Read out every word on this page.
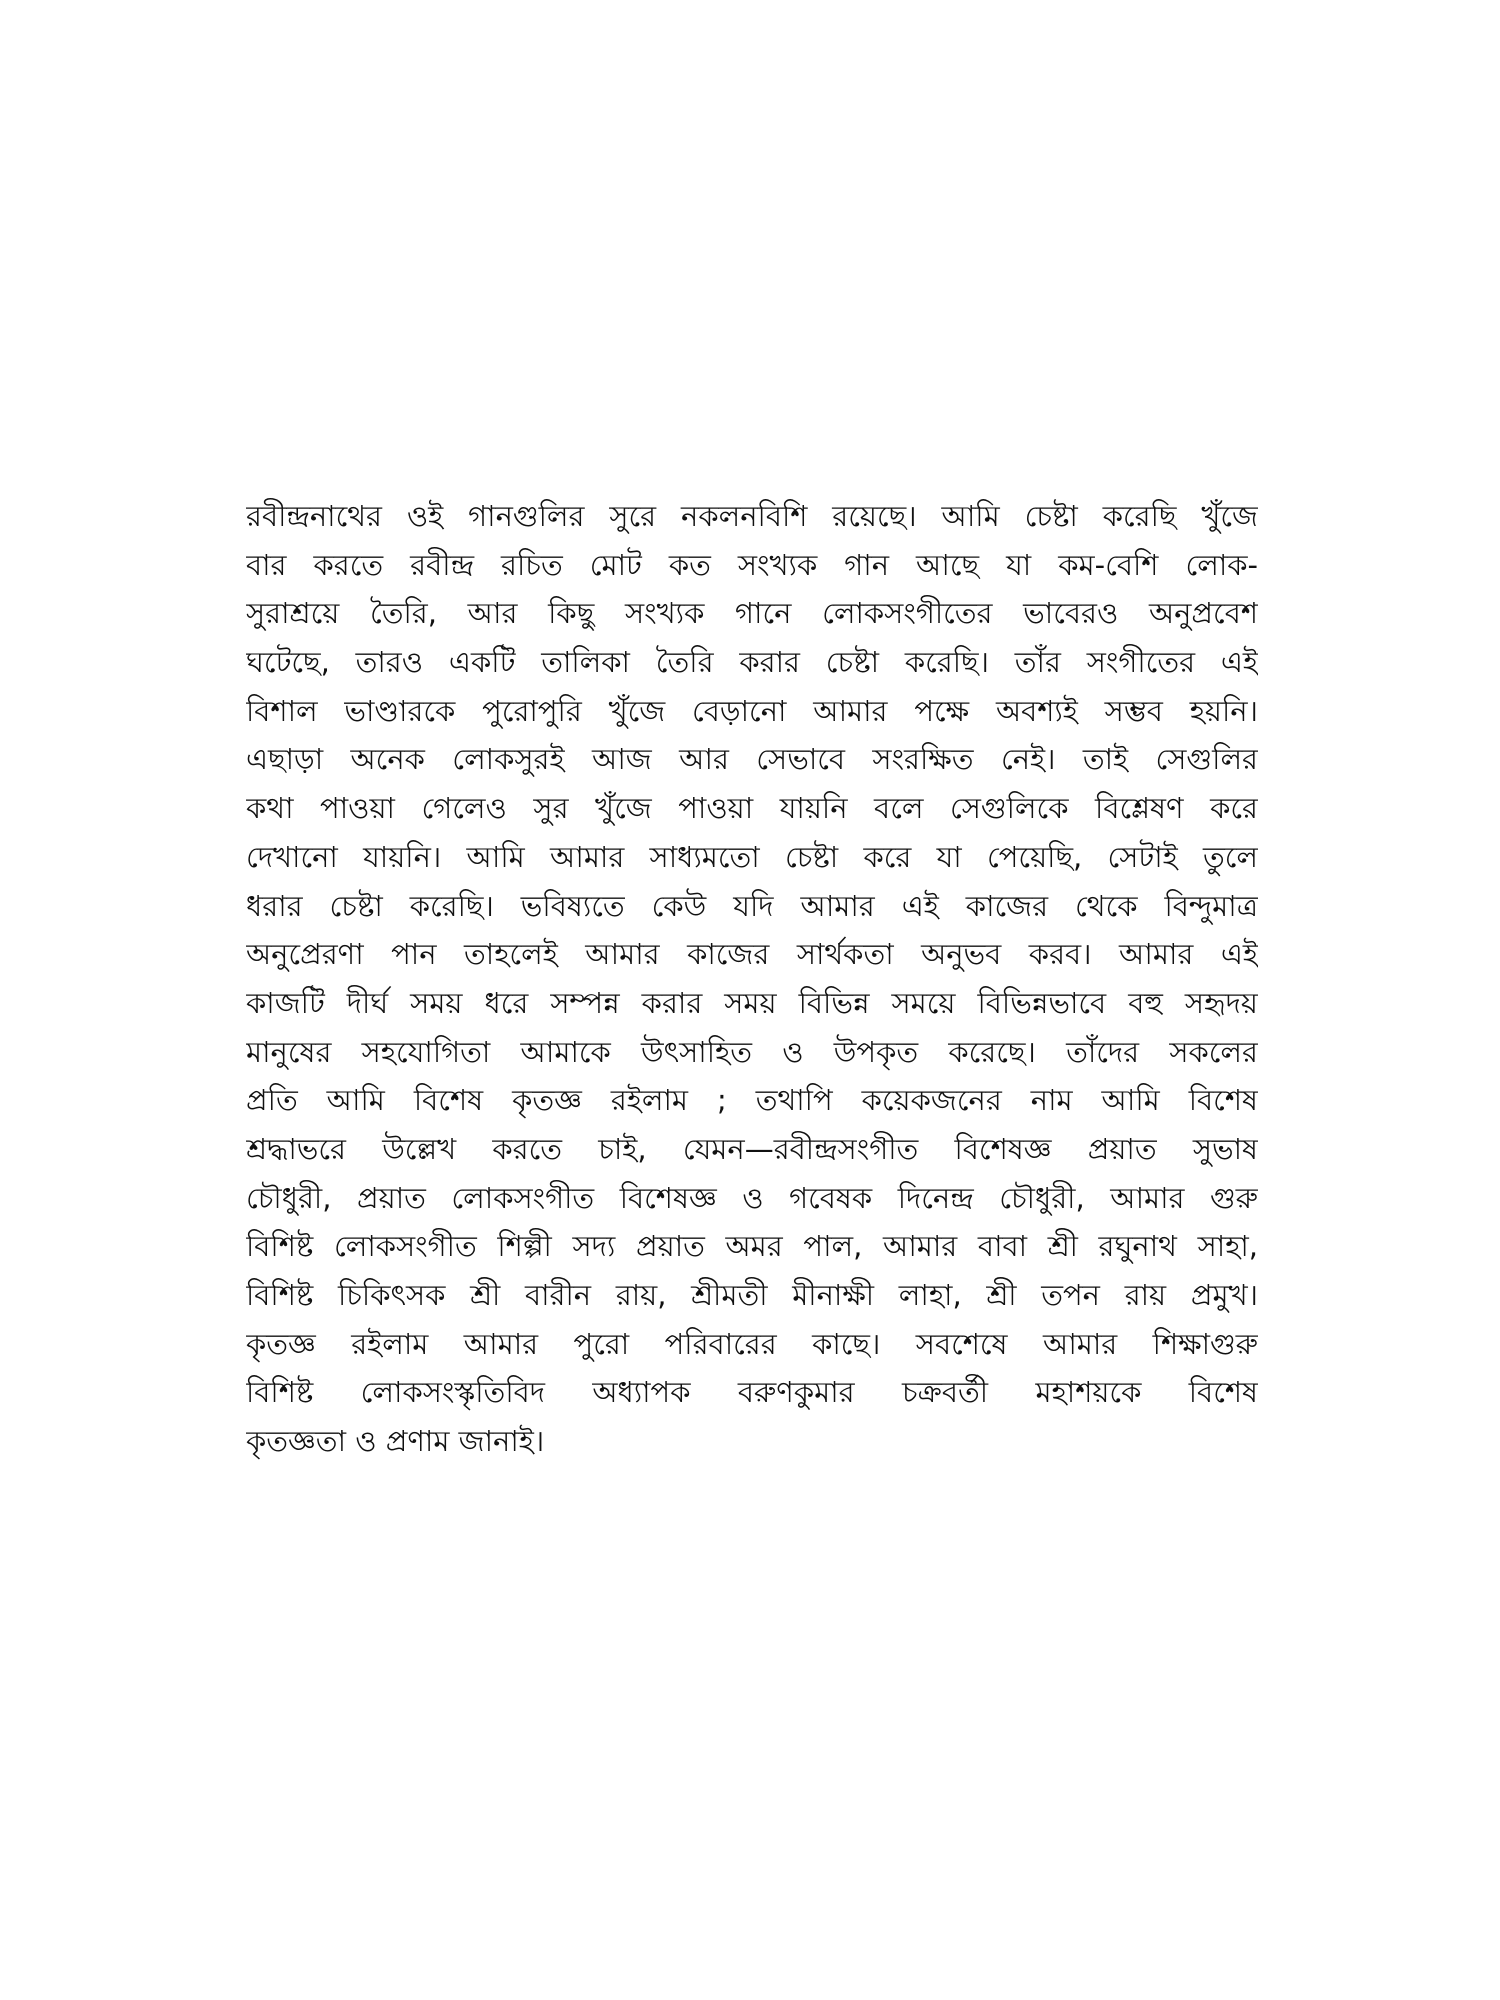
রবীন্দ্রনাথের ওই গানগুলির সুরে নকলনবিশি রয়েছে। আমি চেষ্টা করেছি খুঁজে
বার করতে রবীন্দ্র রচিত মোট কত সংখ্যক গান আছে যা কম-বেশি লোক-
সুরাশ্রয়ে তৈরি, আর কিছু সংখ্যক গানে লোকসংগীতের ভাবেরও অনুপ্রবেশ
ঘটেছে, তারও একটি তালিকা তৈরি করার চেষ্টা করেছি। তাঁর সংগীতের এই
বিশাল ভাণ্ডারকে পুরোপুরি খুঁজে বেড়ানো আমার পক্ষে অবশ্যই সম্ভব হয়নি।
এছাড়া অনেক লোকসুরই আজ আর সেভাবে সংরক্ষিত নেই। তাই সেগুলির
কথা পাওয়া গেলেও সুর খুঁজে পাওয়া যায়নি বলে সেগুলিকে বিশ্লেষণ করে
দেখানো যায়নি। আমি আমার সাধ্যমতো চেষ্টা করে যা পেয়েছি, সেটাই তুলে
ধরার চেষ্টা করেছি। ভবিষ্যতে কেউ যদি আমার এই কাজের থেকে বিন্দুমাত্র
অনুপ্রেরণা পান তাহলেই আমার কাজের সার্থকতা অনুভব করব। আমার এই
কাজটি দীর্ঘ সময় ধরে সম্পন্ন করার সময় বিভিন্ন সময়ে বিভিন্নভাবে বহু সহৃদয়
মানুষের সহযোগিতা আমাকে উৎসাহিত ও উপকৃত করেছে। তাঁদের সকলের
প্রতি আমি বিশেষ কৃতজ্ঞ রইলাম ; তথাপি কয়েকজনের নাম আমি বিশেষ
শ্রদ্ধাভরে উল্লেখ করতে চাই, যেমন—রবীন্দ্রসংগীত বিশেষজ্ঞ প্রয়াত সুভাষ
চৌধুরী, প্রয়াত লোকসংগীত বিশেষজ্ঞ ও গবেষক দিনেন্দ্র চৌধুরী, আমার গুরু
বিশিষ্ট লোকসংগীত শিল্পী সদ্য প্রয়াত অমর পাল, আমার বাবা শ্রী রঘুনাথ সাহা,
বিশিষ্ট চিকিৎসক শ্রী বারীন রায়, শ্রীমতী মীনাক্ষী লাহা, শ্রী তপন রায় প্রমুখ।
কৃতজ্ঞ রইলাম আমার পুরো পরিবারের কাছে। সবশেষে আমার শিক্ষাগুরু
বিশিষ্ট লোকসংস্কৃতিবিদ অধ্যাপক বরুণকুমার চক্রবর্তী মহাশয়কে বিশেষ
কৃতজ্ঞতা ও প্রণাম জানাই।
